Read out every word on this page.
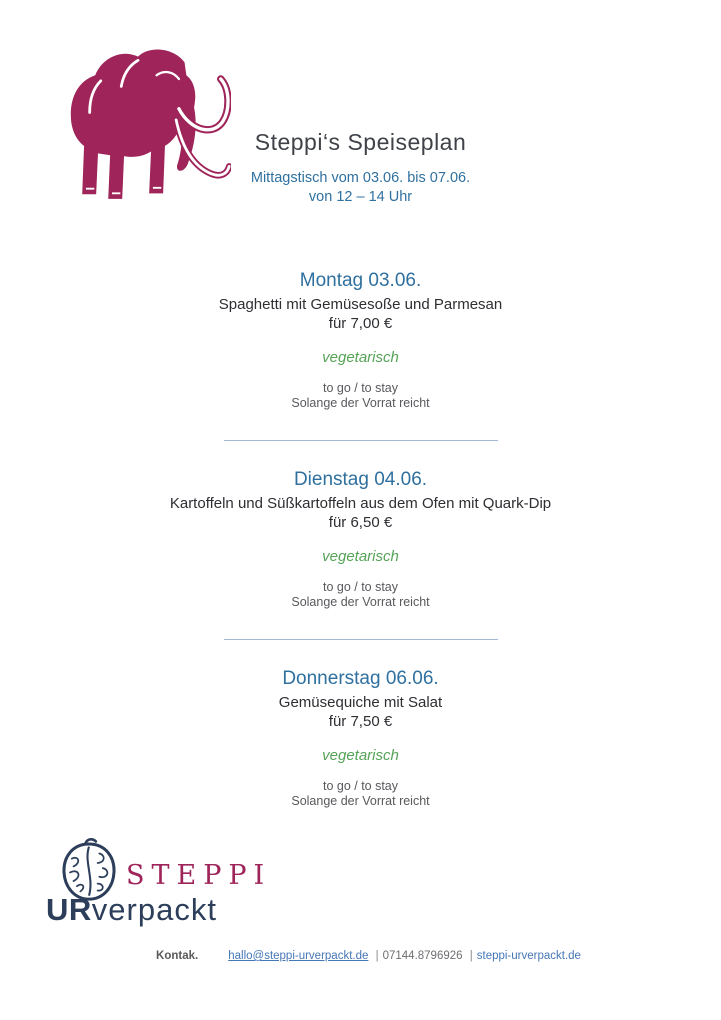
Steppi‘s Speiseplan
Mittagstisch vom 03.06. bis 07.06.
von 12 – 14 Uhr
Montag 03.06.
Spaghetti mit Gemüsesoße und Parmesan
für 7,00 €
vegetarisch
to go / to stay
Solange der Vorrat reicht
Dienstag 04.06.
Kartoffeln und Süßkartoffeln aus dem Ofen mit Quark-Dip
für 6,50 €
vegetarisch
to go / to stay
Solange der Vorrat reicht
Donnerstag 06.06.
Gemüsequiche mit Salat
für 7,50 €
vegetarisch
to go / to stay
Solange der Vorrat reicht
STEPPI
URverpackt
Kontak.	hallo@steppi-urverpackt.de | 07144.8796926 | steppi-urverpackt.de
